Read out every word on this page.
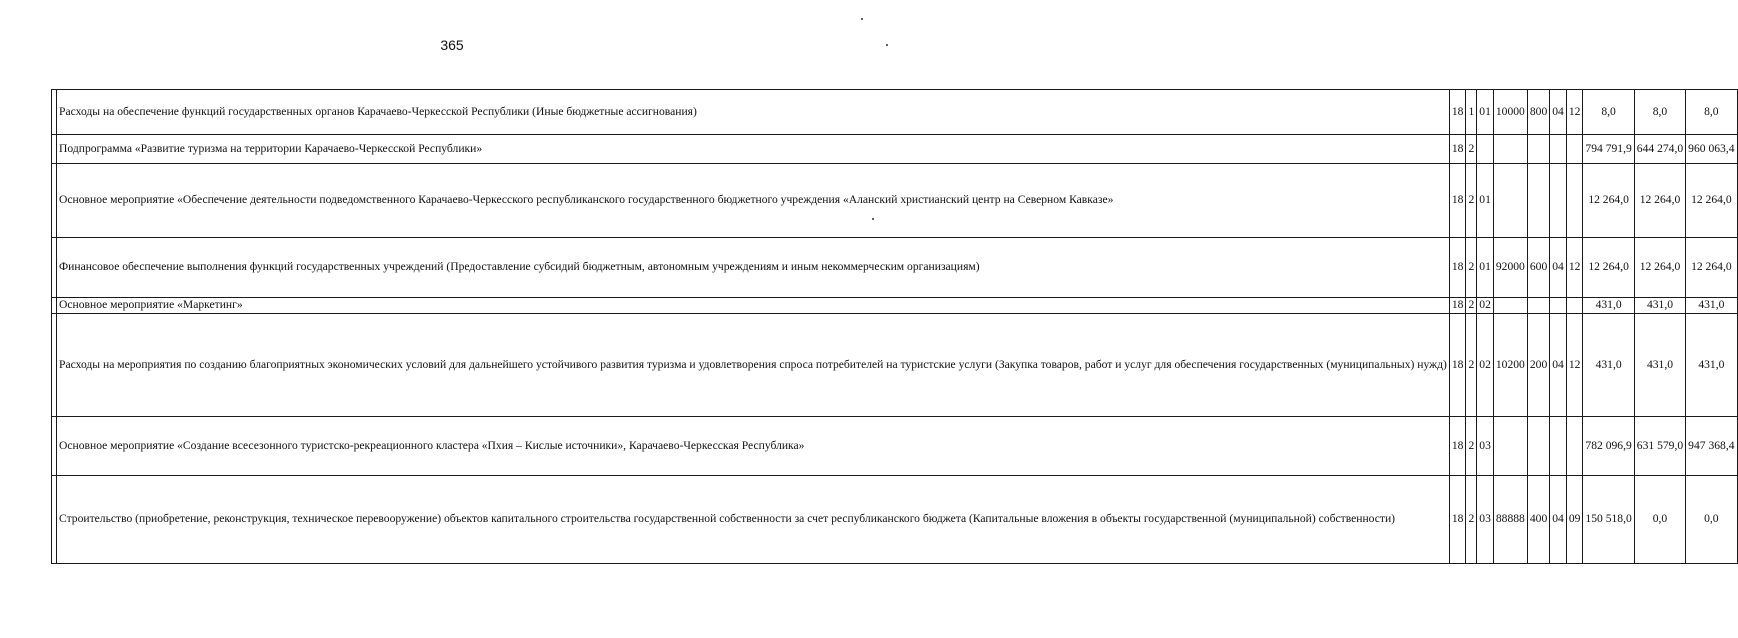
365
	Расходы на обеспечение функций государственных органов Карачаево-Черкесской Республики (Иные бюджетные ассигнования)	18	1	01	10000	800	04	12	8,0	8,0	8,0
	Подпрограмма «Развитие туризма на территории Карачаево-Черкесской Республики»	18	2						794 791,9	644 274,0	960 063,4
	Основное мероприятие «Обеспечение деятельности подведомственного Карачаево-Черкесского республиканского государственного бюджетного учреждения «Аланский христианский центр на Северном Кавказе»	18	2	01					12 264,0	12 264,0	12 264,0
	Финансовое обеспечение выполнения функций государственных учреждений (Предоставление субсидий бюджетным, автономным учреждениям и иным некоммерческим организациям)	18	2	01	92000	600	04	12	12 264,0	12 264,0	12 264,0
	Основное мероприятие «Маркетинг»	18	2	02					431,0	431,0	431,0
	Расходы на мероприятия по созданию благоприятных экономических условий для дальнейшего устойчивого развития туризма и удовлетворения спроса потребителей на туристские услуги (Закупка товаров, работ и услуг для обеспечения государственных (муниципальных) нужд)	18	2	02	10200	200	04	12	431,0	431,0	431,0
	Основное мероприятие «Создание всесезонного туристско-рекреационного кластера «Пхия – Кислые источники», Карачаево-Черкесская Республика»	18	2	03					782 096,9	631 579,0	947 368,4
	Строительство (приобретение, реконструкция, техническое перевооружение) объектов капитального строительства государственной собственности за счет республиканского бюджета (Капитальные вложения в объекты государственной (муниципальной) собственности)	18	2	03	88888	400	04	09	150 518,0	0,0	0,0
